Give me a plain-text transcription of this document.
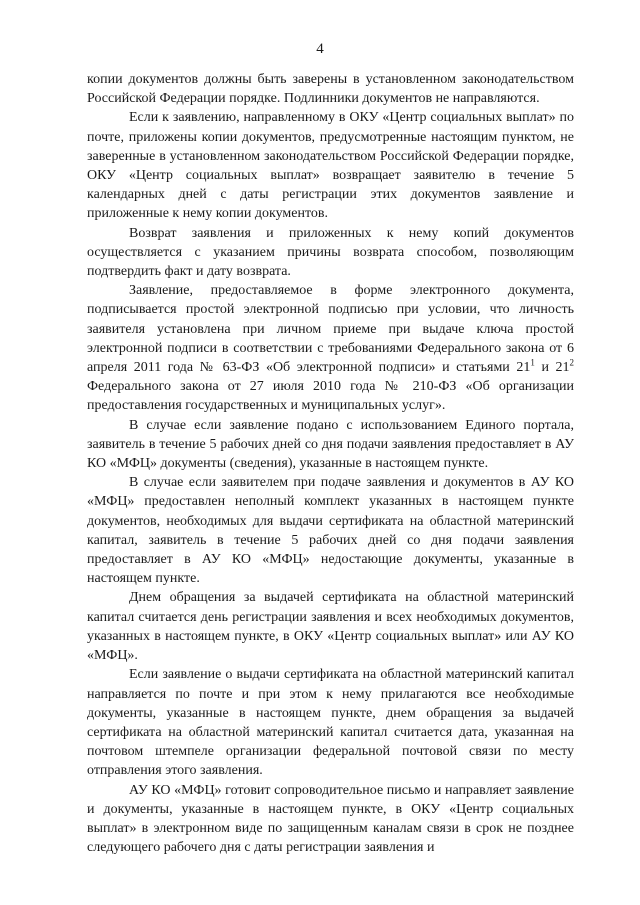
4

копии документов должны быть заверены в установленном законодательством Российской Федерации порядке. Подлинники документов не направляются.

Если к заявлению, направленному в ОКУ «Центр социальных выплат» по почте, приложены копии документов, предусмотренные настоящим пунктом, не заверенные в установленном законодательством Российской Федерации порядке, ОКУ «Центр социальных выплат» возвращает заявителю в течение 5 календарных дней с даты регистрации этих документов заявление и приложенные к нему копии документов.

Возврат заявления и приложенных к нему копий документов осуществляется с указанием причины возврата способом, позволяющим подтвердить факт и дату возврата.

Заявление, предоставляемое в форме электронного документа, подписывается простой электронной подписью при условии, что личность заявителя установлена при личном приеме при выдаче ключа простой электронной подписи в соответствии с требованиями Федерального закона от 6 апреля 2011 года № 63-ФЗ «Об электронной подписи» и статьями $21^1$ и $21^2$ Федерального закона от 27 июля 2010 года № 210-ФЗ «Об организации предоставления государственных и муниципальных услуг».

В случае если заявление подано с использованием Единого портала, заявитель в течение 5 рабочих дней со дня подачи заявления предоставляет в АУ КО «МФЦ» документы (сведения), указанные в настоящем пункте.

В случае если заявителем при подаче заявления и документов в АУ КО «МФЦ» предоставлен неполный комплект указанных в настоящем пункте документов, необходимых для выдачи сертификата на областной материнский капитал, заявитель в течение 5 рабочих дней со дня подачи заявления предоставляет в АУ КО «МФЦ» недостающие документы, указанные в настоящем пункте.

Днем обращения за выдачей сертификата на областной материнский капитал считается день регистрации заявления и всех необходимых документов, указанных в настоящем пункте, в ОКУ «Центр социальных выплат» или АУ КО «МФЦ».

Если заявление о выдачи сертификата на областной материнский капитал направляется по почте и при этом к нему прилагаются все необходимые документы, указанные в настоящем пункте, днем обращения за выдачей сертификата на областной материнский капитал считается дата, указанная на почтовом штемпеле организации федеральной почтовой связи по месту отправления этого заявления.

АУ КО «МФЦ» готовит сопроводительное письмо и направляет заявление и документы, указанные в настоящем пункте, в ОКУ «Центр социальных выплат» в электронном виде по защищенным каналам связи в срок не позднее следующего рабочего дня с даты регистрации заявления и
